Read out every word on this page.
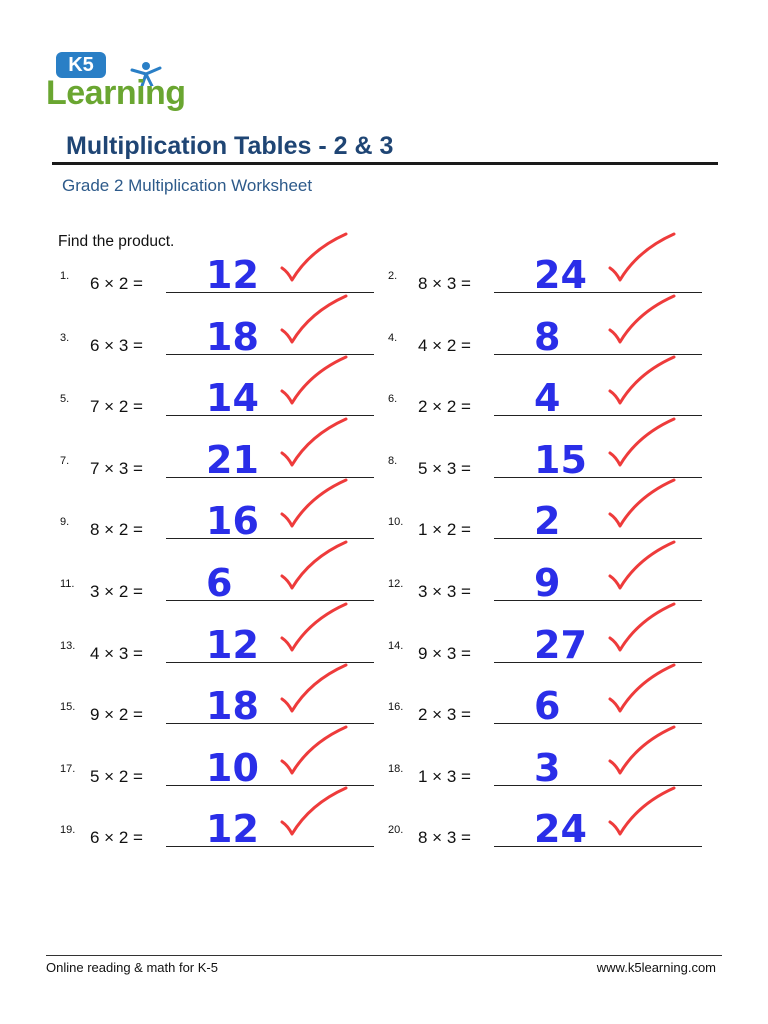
K5
Learning
Multiplication Tables - 2 & 3
Grade 2 Multiplication Worksheet
Find the product.
1. 6 × 2 = 12	2. 8 × 3 = 24
3. 6 × 3 = 18	4. 4 × 2 = 8
5. 7 × 2 = 14	6. 2 × 2 = 4
7. 7 × 3 = 21	8. 5 × 3 = 15
9. 8 × 2 = 16	10. 1 × 2 = 2
11. 3 × 2 = 6	12. 3 × 3 = 9
13. 4 × 3 = 12	14. 9 × 3 = 27
15. 9 × 2 = 18	16. 2 × 3 = 6
17. 5 × 2 = 10	18. 1 × 3 = 3
19. 6 × 2 = 12	20. 8 × 3 = 24
Online reading & math for K-5	www.k5learning.com
